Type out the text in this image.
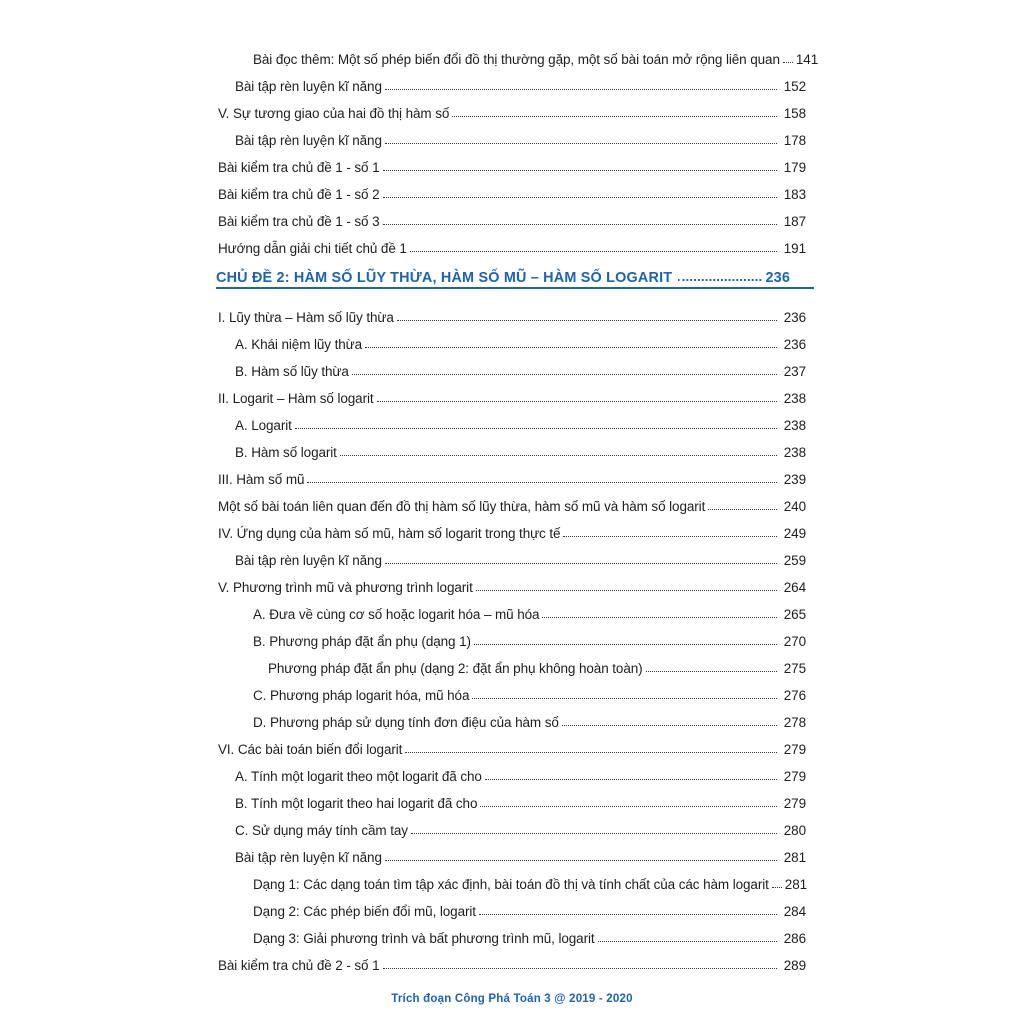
Bài đọc thêm: Một số phép biến đổi đồ thị thường gặp, một số bài toán mở rộng liên quan 141
Bài tập rèn luyện kĩ năng	152
V. Sự tương giao của hai đồ thị hàm số	158
Bài tập rèn luyện kĩ năng	178
Bài kiểm tra chủ đề 1 - số 1	179
Bài kiểm tra chủ đề 1 - số 2	183
Bài kiểm tra chủ đề 1 - số 3	187
Hướng dẫn giải chi tiết chủ đề 1	191
CHỦ ĐỀ 2: HÀM SỐ LŨY THỪA, HÀM SỐ MŨ – HÀM SỐ LOGARIT	236
I. Lũy thừa – Hàm số lũy thừa	236
A. Khái niệm lũy thừa	236
B. Hàm số lũy thừa	237
II. Logarit – Hàm số logarit	238
A. Logarit	238
B. Hàm số logarit	238
III. Hàm số mũ	239
Một số bài toán liên quan đến đồ thị hàm số lũy thừa, hàm số mũ và hàm số logarit	240
IV. Ứng dụng của hàm số mũ, hàm số logarit trong thực tế	249
Bài tập rèn luyện kĩ năng	259
V. Phương trình mũ và phương trình logarit	264
A. Đưa về cùng cơ số hoặc logarit hóa – mũ hóa	265
B. Phương pháp đặt ẩn phụ (dạng 1)	270
Phương pháp đặt ẩn phụ (dạng 2: đặt ẩn phụ không hoàn toàn)	275
C. Phương pháp logarit hóa, mũ hóa	276
D. Phương pháp sử dụng tính đơn điệu của hàm số	278
VI. Các bài toán biến đổi logarit	279
A. Tính một logarit theo một logarit đã cho	279
B. Tính một logarit theo hai logarit đã cho	279
C. Sử dụng máy tính cầm tay	280
Bài tập rèn luyện kĩ năng	281
Dạng 1: Các dạng toán tìm tập xác định, bài toán đồ thị và tính chất của các hàm logarit 281
Dạng 2: Các phép biến đổi mũ, logarit	284
Dạng 3: Giải phương trình và bất phương trình mũ, logarit	286
Bài kiểm tra chủ đề 2 - số 1	289
Trích đoạn Công Phá Toán 3 @ 2019 - 2020
